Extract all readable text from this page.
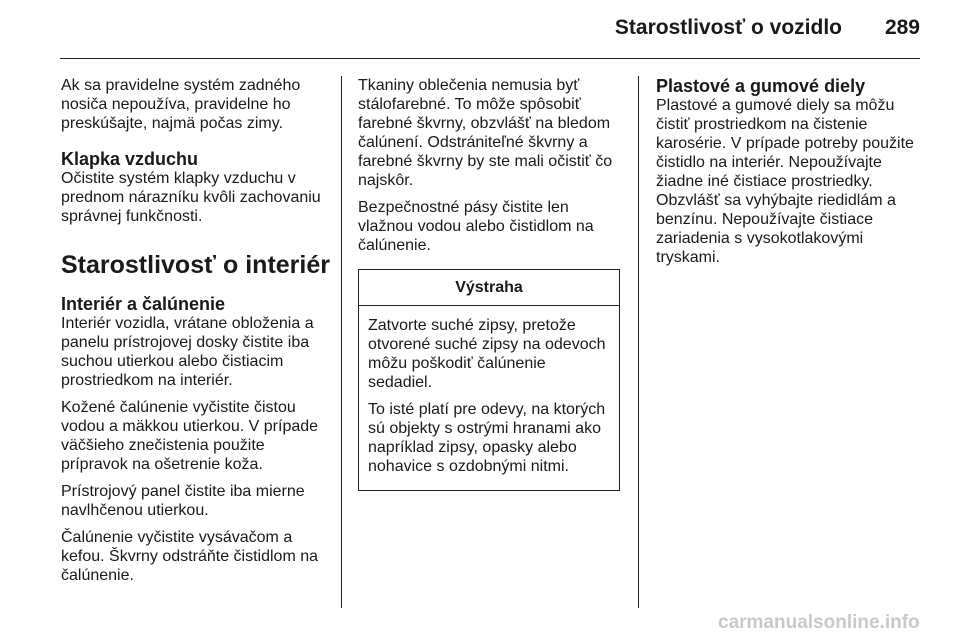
Starostlivosť o vozidlo 289

Ak sa pravidelne systém zadného nosiča nepoužíva, pravidelne ho preskúšajte, najmä počas zimy.

Klapka vzduchu

Očistite systém klapky vzduchu v prednom nárazníku kvôli zachovaniu správnej funkčnosti.

Starostlivosť o interiér
Interiér a čalúnenie

Interiér vozidla, vrátane obloženia a panelu prístrojovej dosky čistite iba suchou utierkou alebo čistiacim prostriedkom na interiér.

Kožené čalúnenie vyčistite čistou vodou a mäkkou utierkou. V prípade väčšieho znečistenia použite prípravok na ošetrenie koža.

Prístrojový panel čistite iba mierne navlhčenou utierkou.

Čalúnenie vyčistite vysávačom a kefou. Škvrny odstráňte čistidlom na čalúnenie.

Tkaniny oblečenia nemusia byť stálofarebné. To môže spôsobiť farebné škvrny, obzvlášť na bledom čalúnení. Odstrániteľné škvrny a farebné škvrny by ste mali očistiť čo najskôr.

Bezpečnostné pásy čistite len vlažnou vodou alebo čistidlom na čalúnenie.

Výstraha

Zatvorte suché zipsy, pretože otvorené suché zipsy na odevoch môžu poškodiť čalúnenie sedadiel.

To isté platí pre odevy, na ktorých sú objekty s ostrými hranami ako napríklad zipsy, opasky alebo nohavice s ozdobnými nitmi.

Plastové a gumové diely

Plastové a gumové diely sa môžu čistiť prostriedkom na čistenie karosérie. V prípade potreby použite čistidlo na interiér. Nepoužívajte žiadne iné čistiace prostriedky. Obzvlášť sa vyhýbajte riedidlám a benzínu. Nepoužívajte čistiace zariadenia s vysokotlakovými tryskami.

carmanualsonline.info
